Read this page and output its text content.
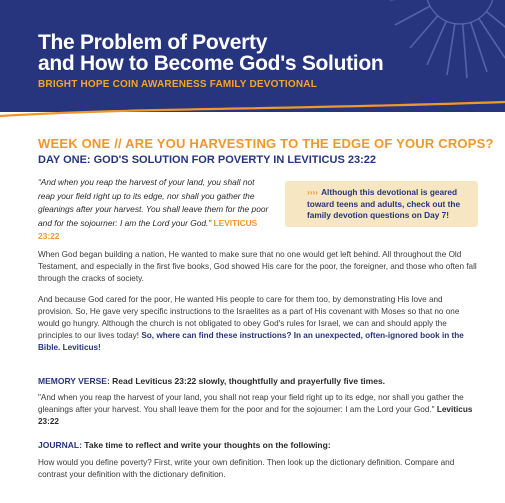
The Problem of Poverty
and How to Become God's Solution
BRIGHT HOPE COIN AWARENESS FAMILY DEVOTIONAL
WEEK ONE // ARE YOU HARVESTING TO THE EDGE OF YOUR CROPS?
DAY ONE: GOD'S SOLUTION FOR POVERTY IN LEVITICUS 23:22
“And when you reap the harvest of your land, you shall not reap your field right up to its edge, nor shall you gather the gleanings after your harvest. You shall leave them for the poor and for the sojourner: I am the Lord your God.” LEVITICUS 23:22
›››› Although this devotional is geared toward teens and adults, check out the family devotion questions on Day 7!
When God began building a nation, He wanted to make sure that no one would get left behind. All throughout the Old Testament, and especially in the first five books, God showed His care for the poor, the foreigner, and those who often fall through the cracks of society.
And because God cared for the poor, He wanted His people to care for them too, by demonstrating His love and provision. So, He gave very specific instructions to the Israelites as a part of His covenant with Moses so that no one would go hungry. Although the church is not obligated to obey God's rules for Israel, we can and should apply the principles to our lives today! So, where can find these instructions? In an unexpected, often-ignored book in the Bible. Leviticus!
MEMORY VERSE: Read Leviticus 23:22 slowly, thoughtfully and prayerfully five times.
"And when you reap the harvest of your land, you shall not reap your field right up to its edge, nor shall you gather the gleanings after your harvest. You shall leave them for the poor and for the sojourner: I am the Lord your God." Leviticus 23:22
JOURNAL: Take time to reflect and write your thoughts on the following:
How would you define poverty? First, write your own definition. Then look up the dictionary definition. Compare and contrast your definition with the dictionary definition.
